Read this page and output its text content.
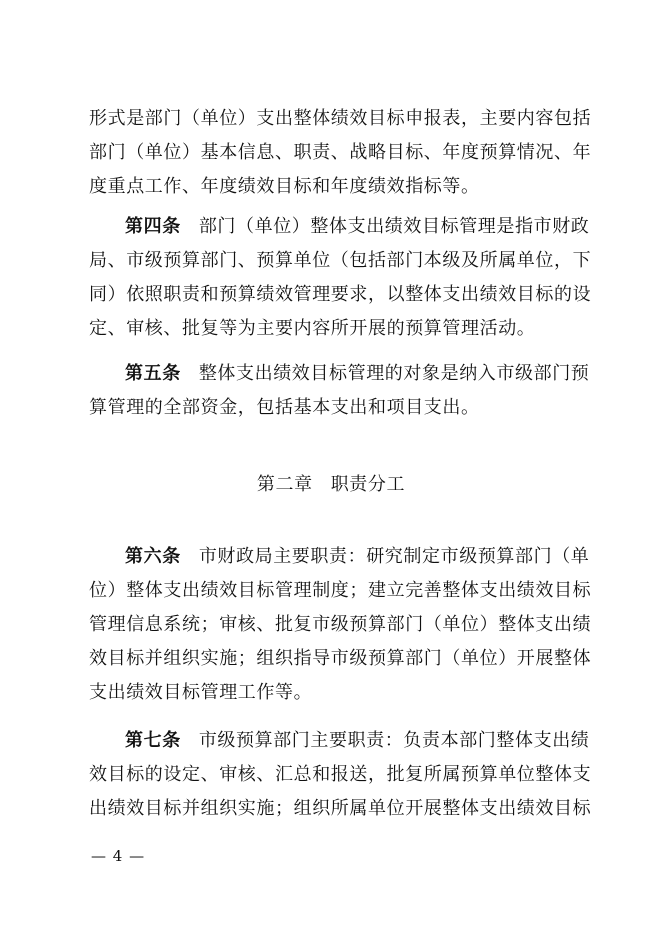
形式是部门（单位）支出整体绩效目标申报表，主要内容包括
部门（单位）基本信息、职责、战略目标、年度预算情况、年
度重点工作、年度绩效目标和年度绩效指标等。
第四条 部门（单位）整体支出绩效目标管理是指市财政
局、市级预算部门、预算单位（包括部门本级及所属单位，下
同）依照职责和预算绩效管理要求，以整体支出绩效目标的设
定、审核、批复等为主要内容所开展的预算管理活动。
第五条 整体支出绩效目标管理的对象是纳入市级部门预
算管理的全部资金，包括基本支出和项目支出。
第二章 职责分工
第六条 市财政局主要职责：研究制定市级预算部门（单
位）整体支出绩效目标管理制度；建立完善整体支出绩效目标
管理信息系统；审核、批复市级预算部门（单位）整体支出绩
效目标并组织实施；组织指导市级预算部门（单位）开展整体
支出绩效目标管理工作等。
第七条 市级预算部门主要职责：负责本部门整体支出绩
效目标的设定、审核、汇总和报送，批复所属预算单位整体支
出绩效目标并组织实施；组织所属单位开展整体支出绩效目标
— 4 —
